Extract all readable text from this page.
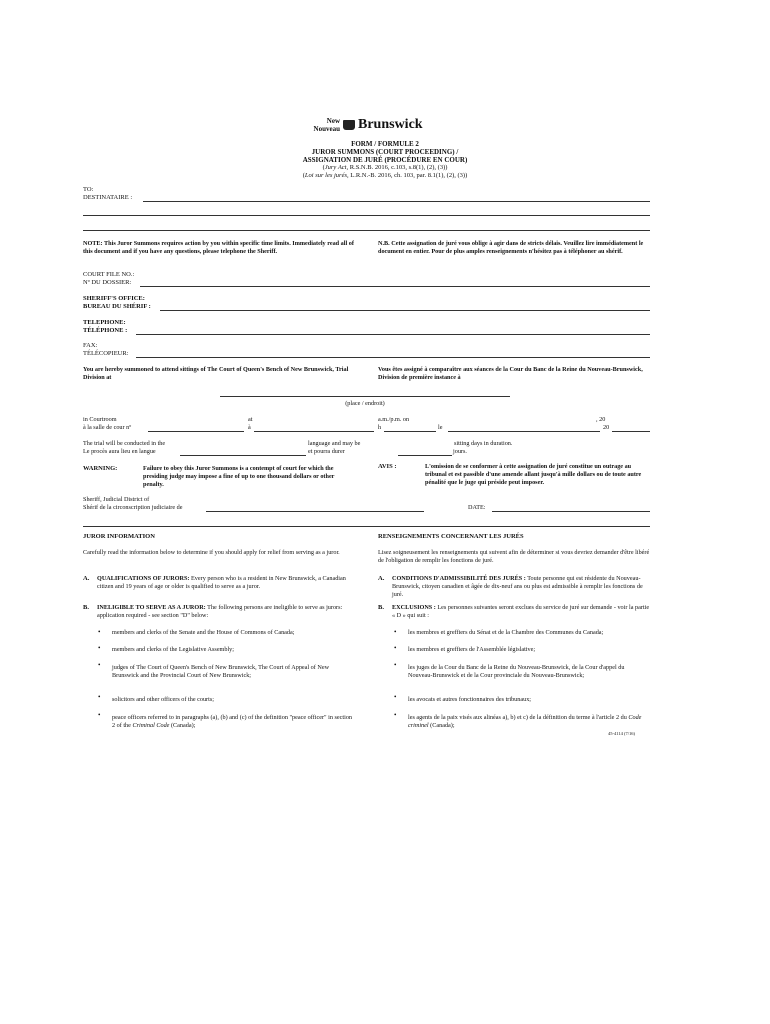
New
Nouveau Brunswick
FORM / FORMULE 2
JUROR SUMMONS (COURT PROCEEDING) /
ASSIGNATION DE JURÉ (PROCÉDURE EN COUR)
(Jury Act, R.S.N.B. 2016, c.103, s.8(1), (2), (3))
(Loi sur les jurés, L.R.N.-B. 2016, ch. 103, par. 8.1(1), (2), (3))
TO:
DESTINATAIRE :
NOTE: This Juror Summons requires action by you within specific time limits. Immediately read all of this document and if you have any questions, please telephone the Sheriff.
N.B. Cette assignation de juré vous oblige à agir dans de stricts délais. Veuillez lire immédiatement le document en entier. Pour de plus amples renseignements n'hésitez pas à téléphoner au shérif.
COURT FILE NO.:
Nº DU DOSSIER:
SHERIFF'S OFFICE:
BUREAU DU SHÉRIF :
TELEPHONE:
TÉLÉPHONE :
FAX:
TÉLÉCOPIEUR:
You are hereby summoned to attend sittings of The Court of Queen's Bench of New Brunswick, Trial Division at
Vous êtes assigné à comparaître aux séances de la Cour du Banc de la Reine du Nouveau-Brunswick, Division de première instance à
(place / endroit)
in Courtroom
à la salle de cour nº
at
à
a.m./p.m. on
h	le
, 20
20
The trial will be conducted in the
Le procès aura lieu en langue
language and may be
et pourra durer
sitting days in duration.
jours.
WARNING:	Failure to obey this Juror Summons is a contempt of court for which the presiding judge may impose a fine of up to one thousand dollars or other penalty.
AVIS :	L'omission de se conformer à cette assignation de juré constitue un outrage au tribunal et est passible d'une amende allant jusqu'à mille dollars ou de toute autre pénalité que le juge qui préside peut imposer.
Sheriff, Judicial District of
Shérif de la circonscription judiciaire de	DATE:
JUROR INFORMATION
Carefully read the information below to determine if you should apply for relief from serving as a juror.
A. QUALIFICATIONS OF JURORS: Every person who is a resident in New Brunswick, a Canadian citizen and 19 years of age or older is qualified to serve as a juror.
B. INELIGIBLE TO SERVE AS A JUROR: The following persons are ineligible to serve as jurors: application required - see section "D" below:
• members and clerks of the Senate and the House of Commons of Canada;
• members and clerks of the Legislative Assembly;
• judges of The Court of Queen's Bench of New Brunswick, The Court of Appeal of New Brunswick and the Provincial Court of New Brunswick;
• solicitors and other officers of the courts;
• peace officers referred to in paragraphs (a), (b) and (c) of the definition "peace officer" in section 2 of the Criminal Code (Canada);
RENSEIGNEMENTS CONCERNANT LES JURÉS
Lisez soigneusement les renseignements qui suivent afin de déterminer si vous devriez demander d'être libéré de l'obligation de remplir les fonctions de juré.
A. CONDITIONS D'ADMISSIBILITÉ DES JURÉS : Toute personne qui est résidente du Nouveau-Brunswick, citoyen canadien et âgée de dix-neuf ans ou plus est admissible à remplir les fonctions de juré.
B. EXCLUSIONS : Les personnes suivantes seront exclues du service de juré sur demande - voir la partie « D » qui suit :
• les membres et greffiers du Sénat et de la Chambre des Communes du Canada;
• les membres et greffiers de l'Assemblée législative;
• les juges de la Cour du Banc de la Reine du Nouveau-Brunswick, de la Cour d'appel du Nouveau-Brunswick et de la Cour provinciale du Nouveau-Brunswick;
• les avocats et autres fonctionnaires des tribunaux;
• les agents de la paix visés aux alinéas a), b) et c) de la définition du terme à l'article 2 du Code criminel (Canada);
45-4114 (7/16)
